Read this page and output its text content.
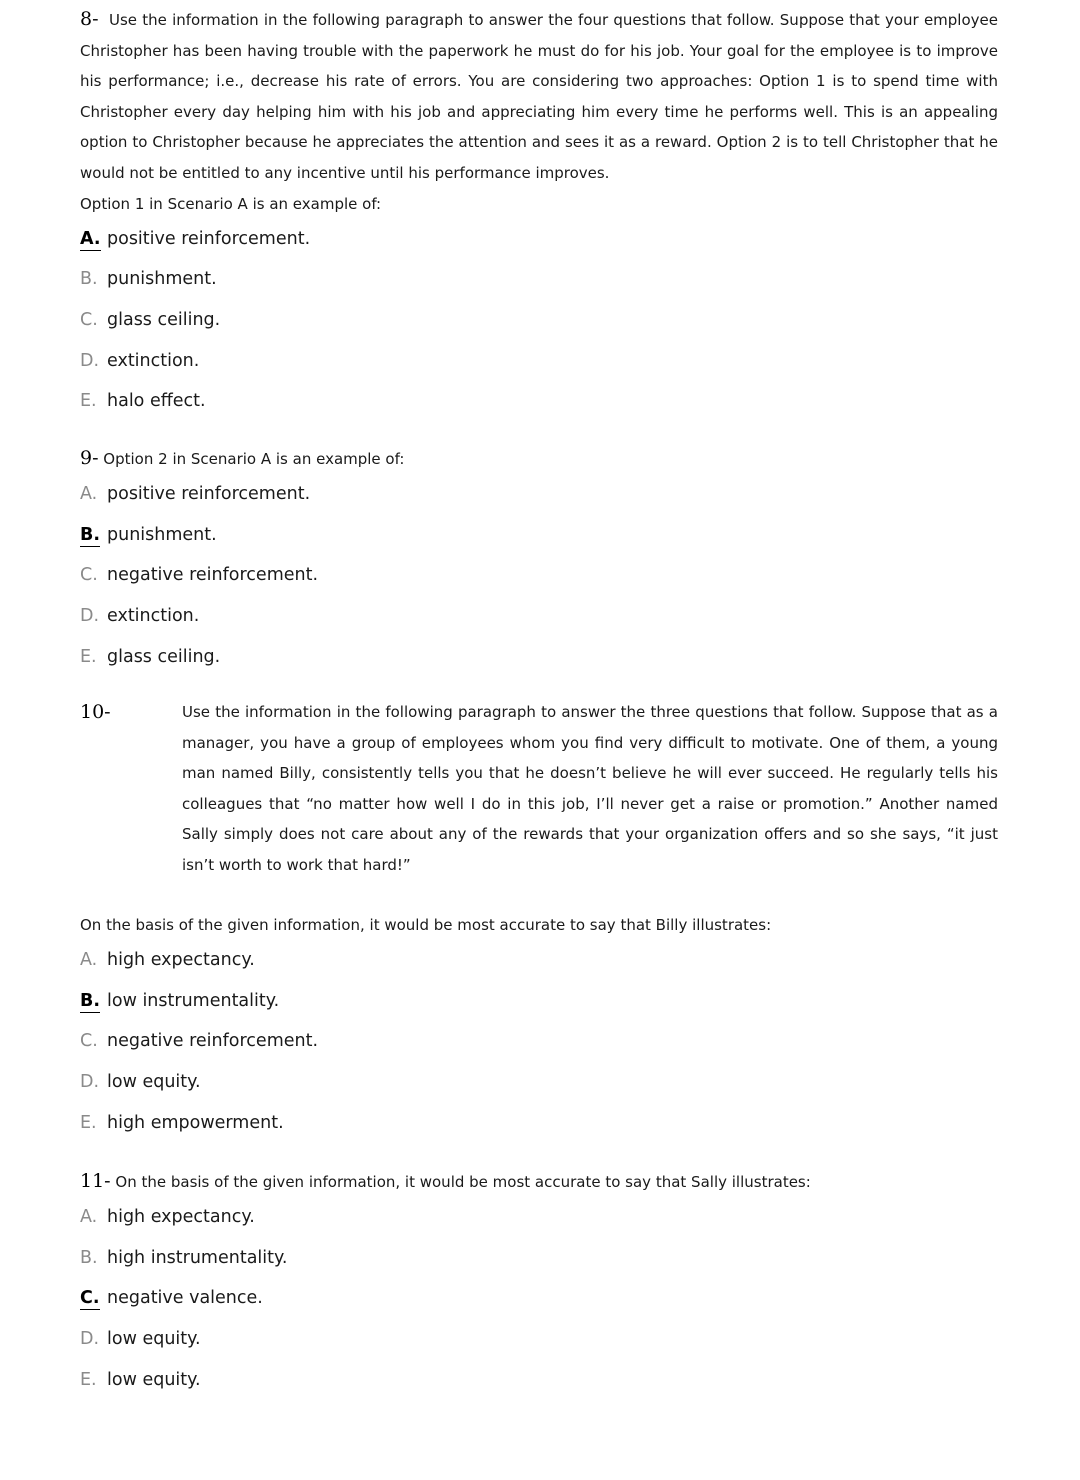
8- Use the information in the following paragraph to answer the four questions that follow. Suppose that your employee Christopher has been having trouble with the paperwork he must do for his job. Your goal for the employee is to improve his performance; i.e., decrease his rate of errors. You are considering two approaches: Option 1 is to spend time with Christopher every day helping him with his job and appreciating him every time he performs well. This is an appealing option to Christopher because he appreciates the attention and sees it as a reward. Option 2 is to tell Christopher that he would not be entitled to any incentive until his performance improves.

Option 1 in Scenario A is an example of:

A. positive reinforcement.
B. punishment.
C. glass ceiling.
D. extinction.
E. halo effect.

9- Option 2 in Scenario A is an example of:

A. positive reinforcement.
B. punishment.
C. negative reinforcement.
D. extinction.
E. glass ceiling.
10-	Use the information in the following paragraph to answer the three questions that follow. Suppose that as a manager, you have a group of employees whom you find very difficult to motivate. One of them, a young man named Billy, consistently tells you that he doesn’t believe he will ever succeed. He regularly tells his colleagues that “no matter how well I do in this job, I’ll never get a raise or promotion.” Another named Sally simply does not care about any of the rewards that your organization offers and so she says, “it just isn’t worth to work that hard!”

On the basis of the given information, it would be most accurate to say that Billy illustrates:

A. high expectancy.
B. low instrumentality.
C. negative reinforcement.
D. low equity.
E. high empowerment.

11- On the basis of the given information, it would be most accurate to say that Sally illustrates:

A. high expectancy.
B. high instrumentality.
C. negative valence.
D. low equity.
E. low equity.
